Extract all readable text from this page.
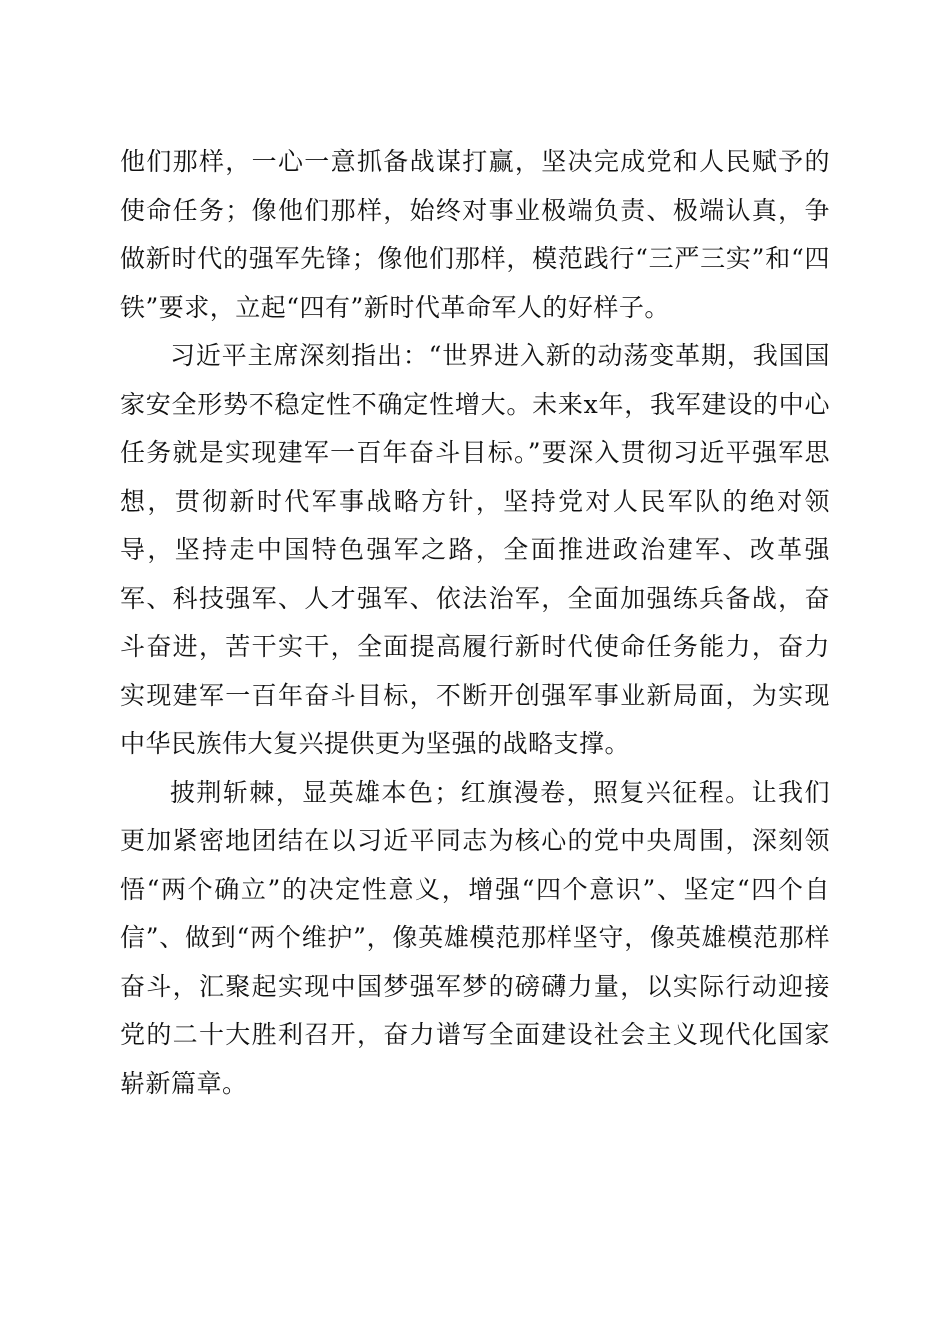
他们那样，一心一意抓备战谋打赢，坚决完成党和人民赋予的使命任务；像他们那样，始终对事业极端负责、极端认真，争做新时代的强军先锋；像他们那样，模范践行“三严三实”和“四铁”要求，立起“四有”新时代革命军人的好样子。

习近平主席深刻指出：“世界进入新的动荡变革期，我国国家安全形势不稳定性不确定性增大。未来x年，我军建设的中心任务就是实现建军一百年奋斗目标。”要深入贯彻习近平强军思想，贯彻新时代军事战略方针，坚持党对人民军队的绝对领导，坚持走中国特色强军之路，全面推进政治建军、改革强军、科技强军、人才强军、依法治军，全面加强练兵备战，奋斗奋进，苦干实干，全面提高履行新时代使命任务能力，奋力实现建军一百年奋斗目标，不断开创强军事业新局面，为实现中华民族伟大复兴提供更为坚强的战略支撑。

披荆斩棘，显英雄本色；红旗漫卷，照复兴征程。让我们更加紧密地团结在以习近平同志为核心的党中央周围，深刻领悟“两个确立”的决定性意义，增强“四个意识”、坚定“四个自信”、做到“两个维护”，像英雄模范那样坚守，像英雄模范那样奋斗，汇聚起实现中国梦强军梦的磅礴力量，以实际行动迎接党的二十大胜利召开，奋力谱写全面建设社会主义现代化国家崭新篇章。
